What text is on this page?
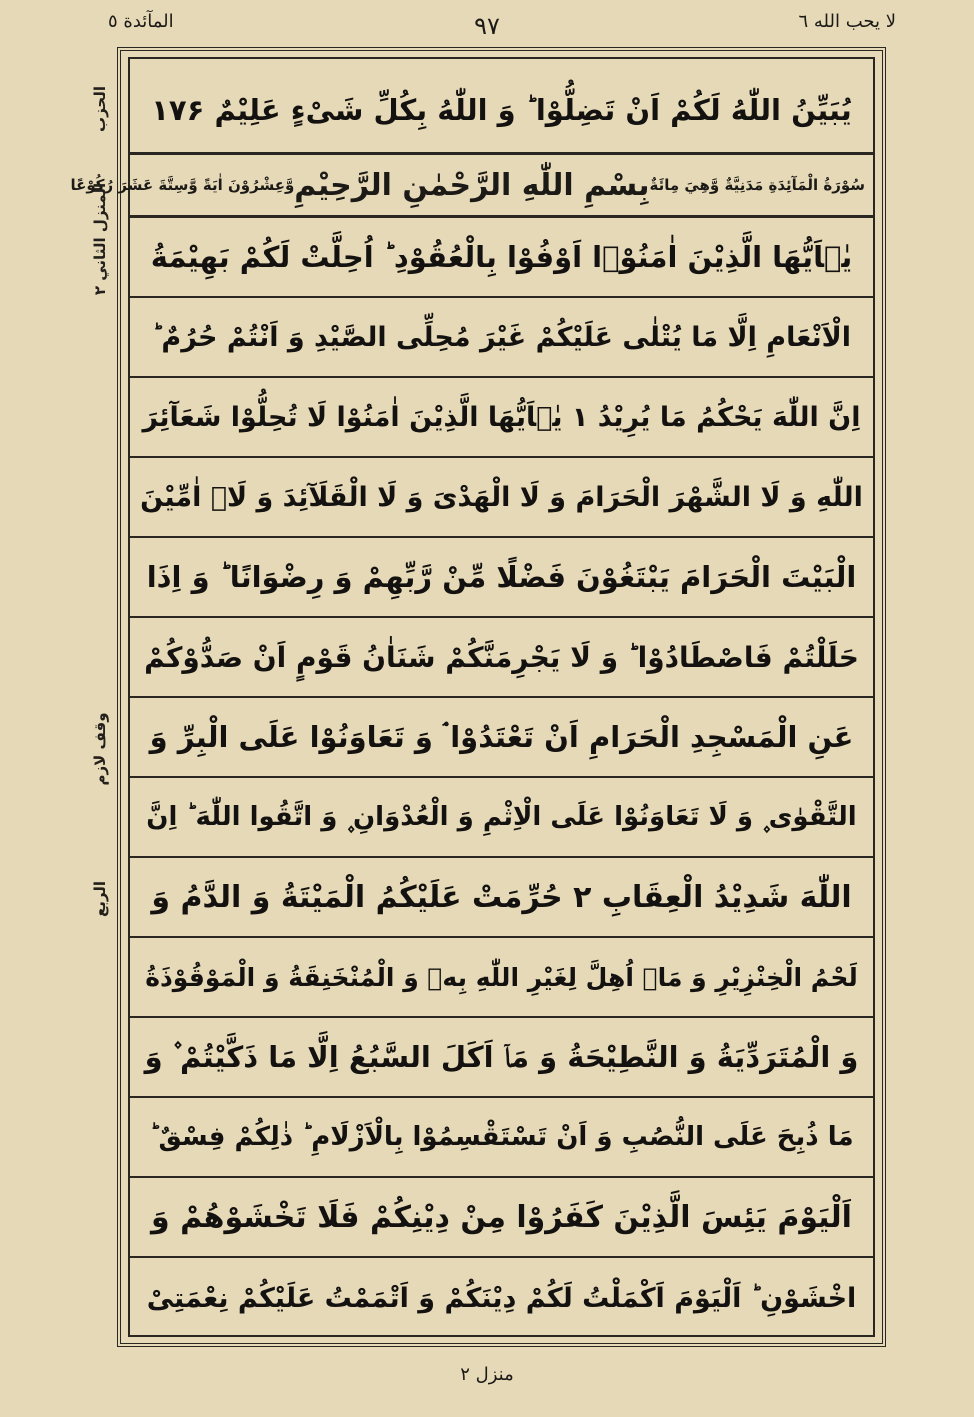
المآئدة ٥	٩٧	لا يحب الله ٦
يُبَيِّنُ اللّٰهُ لَكُمْ اَنْ تَضِلُّوْا ؕ وَ اللّٰهُ بِكُلِّ شَیْءٍ عَلِیْمٌ ۱۷۶
سُوْرَةُ الْمَآئِدَةِ مَدَنِيَّةٌ وَّهِيَ مِائَةٌ
بِسْمِ اللّٰهِ الرَّحْمٰنِ الرَّحِيْمِ
وَّعِشْرُوْنَ اٰيَةً وَّسِتَّةَ عَشَرَ رُكُوْعًا
يٰۤاَيُّهَا الَّذِيْنَ اٰمَنُوْۤا اَوْفُوْا بِالْعُقُوْدِ ؕ اُحِلَّتْ لَكُمْ بَهِيْمَةُ
الْاَنْعَامِ اِلَّا مَا يُتْلٰى عَلَيْكُمْ غَيْرَ مُحِلِّى الصَّيْدِ وَ اَنْتُمْ حُرُمٌ ؕ
اِنَّ اللّٰهَ يَحْكُمُ مَا يُرِيْدُ ۱ يٰۤاَيُّهَا الَّذِيْنَ اٰمَنُوْا لَا تُحِلُّوْا شَعَآئِرَ
اللّٰهِ وَ لَا الشَّهْرَ الْحَرَامَ وَ لَا الْهَدْیَ وَ لَا الْقَلَآئِدَ وَ لَاۤ اٰمِّيْنَ
الْبَيْتَ الْحَرَامَ يَبْتَغُوْنَ فَضْلًا مِّنْ رَّبِّهِمْ وَ رِضْوَانًا ؕ وَ اِذَا
حَلَلْتُمْ فَاصْطَادُوْا ؕ وَ لَا يَجْرِمَنَّكُمْ شَنَاٰنُ قَوْمٍ اَنْ صَدُّوْكُمْ
عَنِ الْمَسْجِدِ الْحَرَامِ اَنْ تَعْتَدُوْا ۘ وَ تَعَاوَنُوْا عَلَى الْبِرِّ وَ
التَّقْوٰى ۪ وَ لَا تَعَاوَنُوْا عَلَى الْاِثْمِ وَ الْعُدْوَانِ ۪ وَ اتَّقُوا اللّٰهَ ؕ اِنَّ
اللّٰهَ شَدِيْدُ الْعِقَابِ ۲ حُرِّمَتْ عَلَيْكُمُ الْمَيْتَةُ وَ الدَّمُ وَ
لَحْمُ الْخِنْزِيْرِ وَ مَاۤ اُهِلَّ لِغَيْرِ اللّٰهِ بِهٖ وَ الْمُنْخَنِقَةُ وَ الْمَوْقُوْذَةُ
وَ الْمُتَرَدِّيَةُ وَ النَّطِيْحَةُ وَ مَاۤ اَكَلَ السَّبُعُ اِلَّا مَا ذَكَّيْتُمْ ۫ وَ
مَا ذُبِحَ عَلَى النُّصُبِ وَ اَنْ تَسْتَقْسِمُوْا بِالْاَزْلَامِ ؕ ذٰلِكُمْ فِسْقٌ ؕ
اَلْيَوْمَ يَئِسَ الَّذِيْنَ كَفَرُوْا مِنْ دِيْنِكُمْ فَلَا تَخْشَوْهُمْ وَ
اخْشَوْنِ ؕ اَلْيَوْمَ اَكْمَلْتُ لَكُمْ دِيْنَكُمْ وَ اَتْمَمْتُ عَلَيْكُمْ نِعْمَتِیْ
الحزب
المنزل الثاني ٢
وقف لازم
الربع
منزل ٢
